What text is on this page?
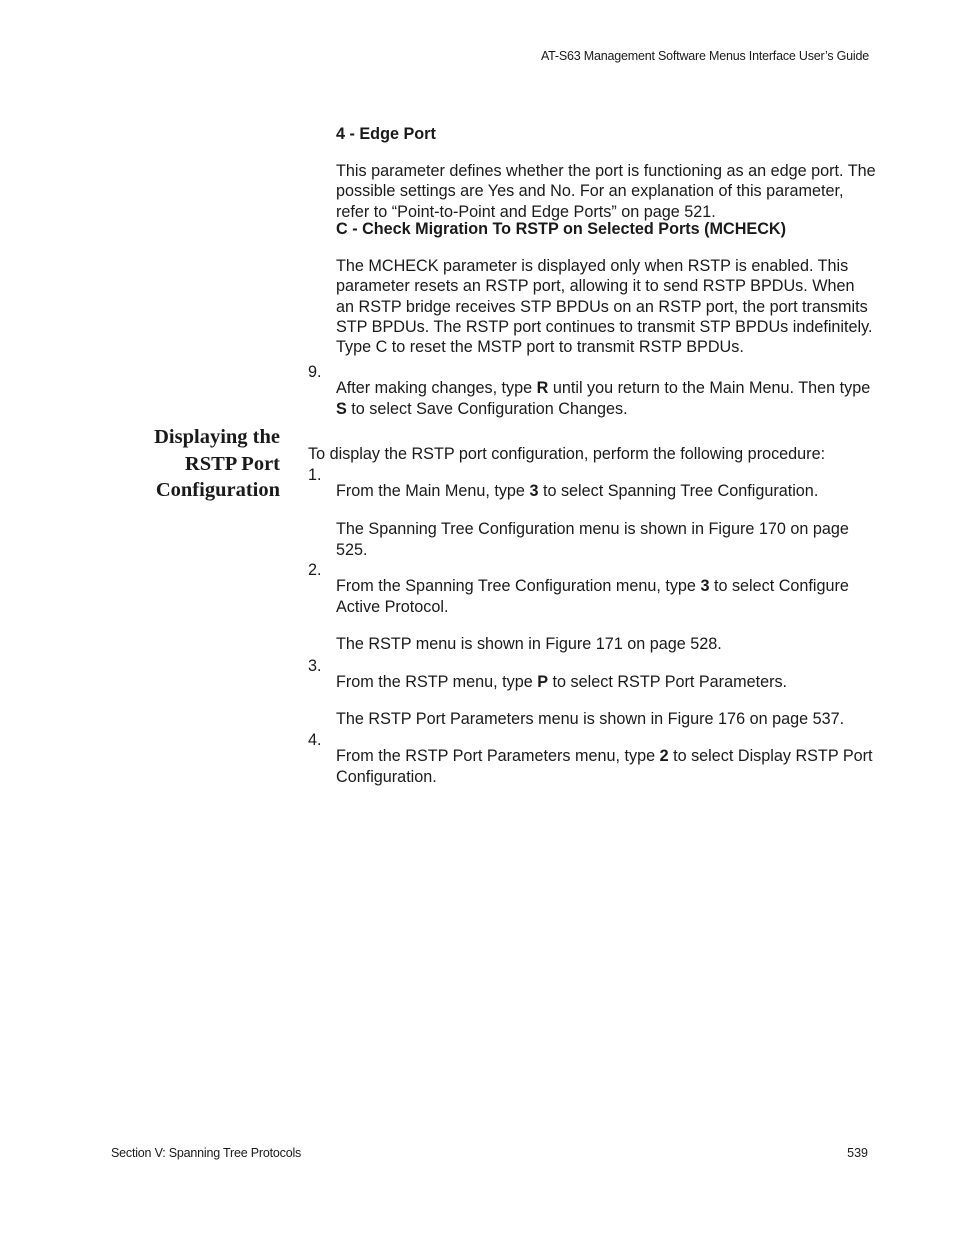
AT-S63 Management Software Menus Interface User’s Guide

4 - Edge Port

This parameter defines whether the port is functioning as an edge port. The possible settings are Yes and No. For an explanation of this parameter, refer to “Point-to-Point and Edge Ports” on page 521.

C - Check Migration To RSTP on Selected Ports (MCHECK)

The MCHECK parameter is displayed only when RSTP is enabled. This parameter resets an RSTP port, allowing it to send RSTP BPDUs. When an RSTP bridge receives STP BPDUs on an RSTP port, the port transmits STP BPDUs. The RSTP port continues to transmit STP BPDUs indefinitely. Type C to reset the MSTP port to transmit RSTP BPDUs.

9.

After making changes, type R until you return to the Main Menu. Then type S to select Save Configuration Changes.

Displaying the
RSTP Port
Configuration

To display the RSTP port configuration, perform the following procedure:

1.

From the Main Menu, type 3 to select Spanning Tree Configuration.

The Spanning Tree Configuration menu is shown in Figure 170 on page 525.

2.

From the Spanning Tree Configuration menu, type 3 to select Configure Active Protocol.

The RSTP menu is shown in Figure 171 on page 528.

3.

From the RSTP menu, type P to select RSTP Port Parameters.

The RSTP Port Parameters menu is shown in Figure 176 on page 537.

4.

From the RSTP Port Parameters menu, type 2 to select Display RSTP Port Configuration.

Section V: Spanning Tree Protocols	539
